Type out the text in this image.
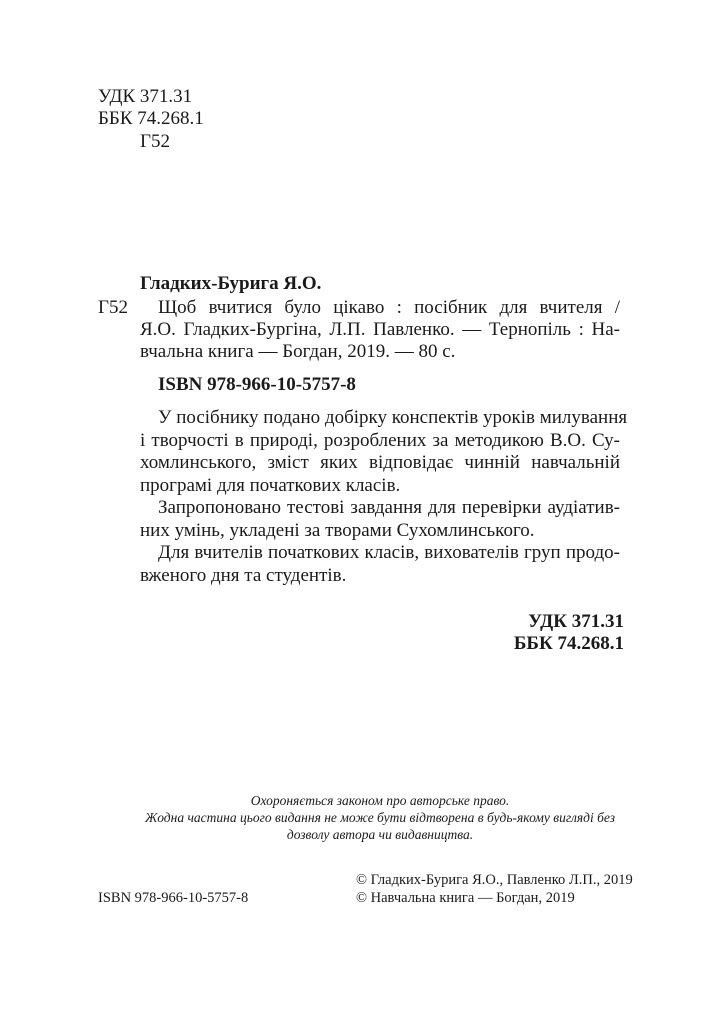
УДК 371.31
ББК 74.268.1
Г52
Гладких-Бурига Я.О.
Г52 Щоб вчитися було цікаво : посібник для вчителя /
Я.О. Гладких-Бургіна, Л.П. Павленко. — Тернопіль : На-
вчальна книга — Богдан, 2019. — 80 с.
ISBN 978-966-10-5757-8
У посібнику подано добірку конспектів уроків милування
і творчості в природі, розроблених за методикою В.О. Су-
хомлинського, зміст яких відповідає чинній навчальній
програмі для початкових класів.
Запропоновано тестові завдання для перевірки аудіатив-
них умінь, укладені за творами Сухомлинського.
Для вчителів початкових класів, вихователів груп продо-
вженого дня та студентів.
УДК 371.31
ББК 74.268.1
Охороняється законом про авторське право.
Жодна частина цього видання не може бути відтворена в будь-якому вигляді без
дозволу автора чи видавництва.
ISBN 978-966-10-5757-8
© Гладких-Бурига Я.О., Павленко Л.П., 2019
© Навчальна книга — Богдан, 2019
